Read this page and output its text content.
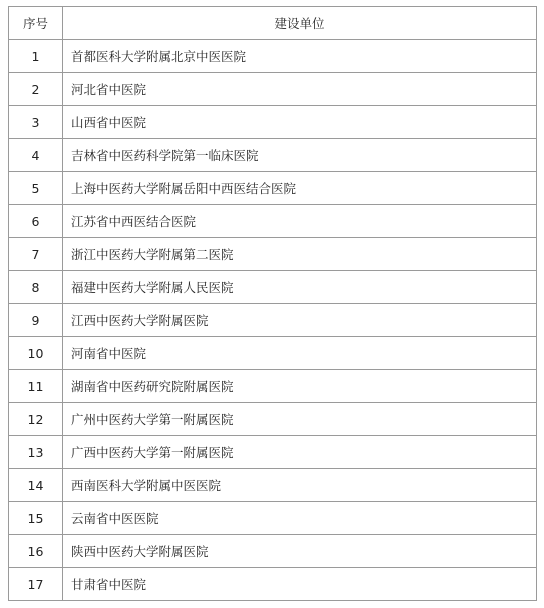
序号	建设单位
1	首都医科大学附属北京中医医院
2	河北省中医院
3	山西省中医院
4	吉林省中医药科学院第一临床医院
5	上海中医药大学附属岳阳中西医结合医院
6	江苏省中西医结合医院
7	浙江中医药大学附属第二医院
8	福建中医药大学附属人民医院
9	江西中医药大学附属医院
10	河南省中医院
11	湖南省中医药研究院附属医院
12	广州中医药大学第一附属医院
13	广西中医药大学第一附属医院
14	西南医科大学附属中医医院
15	云南省中医医院
16	陕西中医药大学附属医院
17	甘肃省中医院
